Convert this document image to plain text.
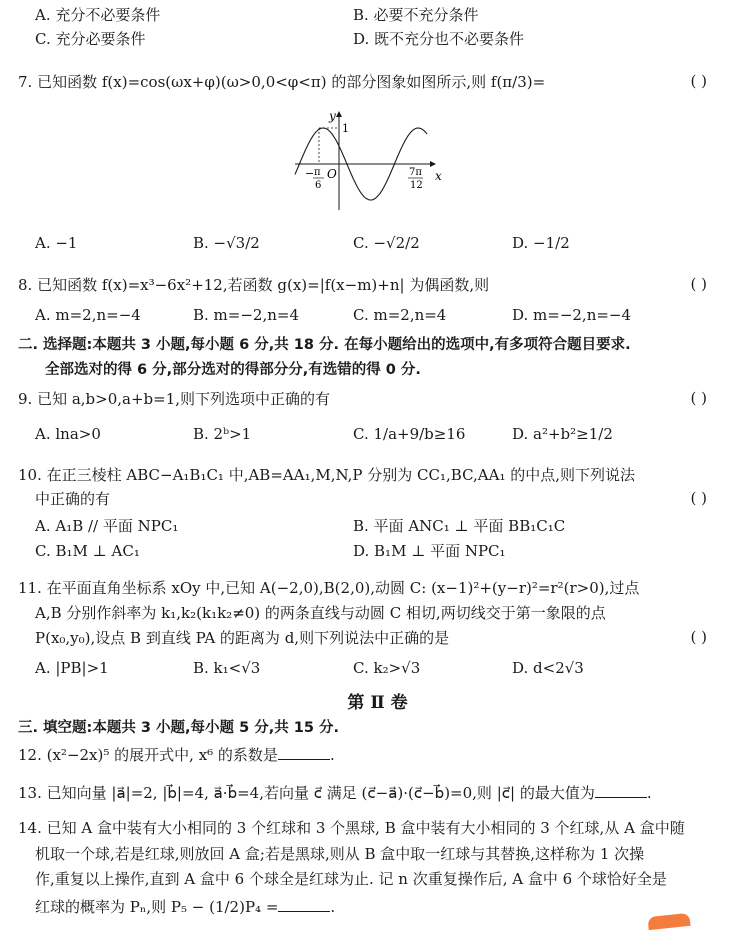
A. 充分不必要条件	B. 必要不充分条件
C. 充分必要条件	D. 既不充分也不必要条件
7. 已知函数 f(x)=cos(ωx+φ)(ω>0,0<φ<π) 的部分图象如图所示,则 f(π/3)=	( )
y
1
O	x
− π
6
7π
12
A. −1	B. −√3/2	C. −√2/2	D. −1/2
8. 已知函数 f(x)=x³−6x²+12,若函数 g(x)=|f(x−m)+n| 为偶函数,则	( )
A. m=2,n=−4	B. m=−2,n=4	C. m=2,n=4	D. m=−2,n=−4
二. 选择题:本题共 3 小题,每小题 6 分,共 18 分. 在每小题给出的选项中,有多项符合题目要求.
全部选对的得 6 分,部分选对的得部分分,有选错的得 0 分.
9. 已知 a,b>0,a+b=1,则下列选项中正确的有	( )
A. lna>0	B. 2ᵇ>1	C. 1/a+9/b≥16	D. a²+b²≥1/2
10. 在正三棱柱 ABC−A₁B₁C₁ 中,AB=AA₁,M,N,P 分别为 CC₁,BC,AA₁ 的中点,则下列说法
中正确的有	( )
A. A₁B // 平面 NPC₁	B. 平面 ANC₁ ⊥ 平面 BB₁C₁C
C. B₁M ⊥ AC₁	D. B₁M ⊥ 平面 NPC₁
11. 在平面直角坐标系 xOy 中,已知 A(−2,0),B(2,0),动圆 C: (x−1)²+(y−r)²=r²(r>0),过点
A,B 分别作斜率为 k₁,k₂(k₁k₂≠0) 的两条直线与动圆 C 相切,两切线交于第一象限的点
P(x₀,y₀),设点 B 到直线 PA 的距离为 d,则下列说法中正确的是	( )
A. |PB|>1	B. k₁<√3	C. k₂>√3	D. d<2√3
第 Ⅱ 卷
三. 填空题:本题共 3 小题,每小题 5 分,共 15 分.
12. (x²−2x)⁵ 的展开式中, x⁶ 的系数是	.
13. 已知向量 |a⃗|=2, |b⃗|=4, a⃗·b⃗=4,若向量 c⃗ 满足 (c⃗−a⃗)·(c⃗−b⃗)=0,则 |c⃗| 的最大值为	.
14. 已知 A 盒中装有大小相同的 3 个红球和 3 个黑球, B 盒中装有大小相同的 3 个红球,从 A 盒中随
机取一个球,若是红球,则放回 A 盒;若是黑球,则从 B 盒中取一红球与其替换,这样称为 1 次操
作,重复以上操作,直到 A 盒中 6 个球全是红球为止. 记 n 次重复操作后, A 盒中 6 个球恰好全是
红球的概率为 Pₙ,则 P₅ − (1/2)P₄ =	.
